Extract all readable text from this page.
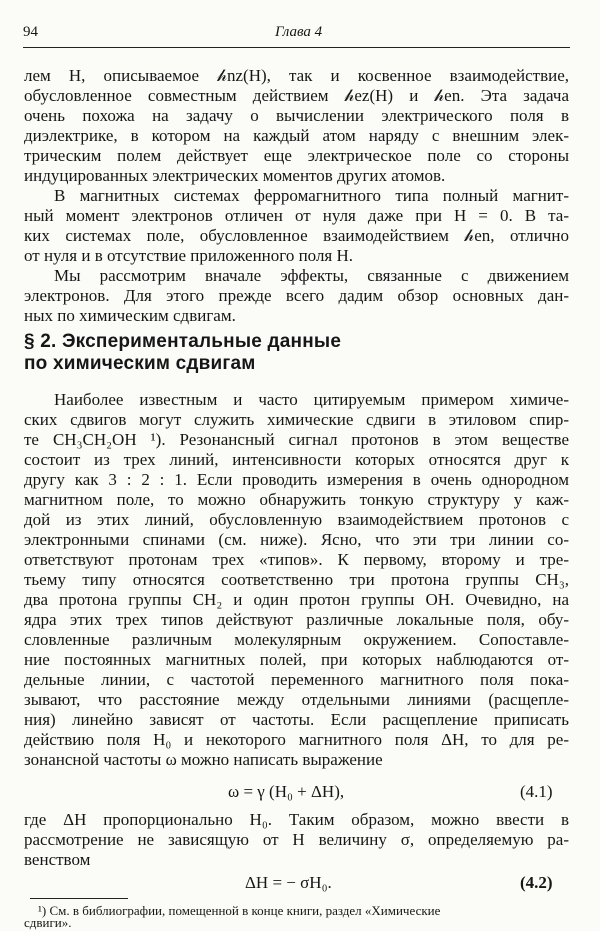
94	Глава 4
лем H, описываемое 𝒽nz(H), так и косвенное взаимодействие,
обусловленное совместным действием 𝒽ez(H) и 𝒽en. Эта задача
очень похожа на задачу о вычислении электрического поля в
диэлектрике, в котором на каждый атом наряду с внешним элек-
трическим полем действует еще электрическое поле со стороны
индуцированных электрических моментов других атомов.
В магнитных системах ферромагнитного типа полный магнит-
ный момент электронов отличен от нуля даже при H = 0. В та-
ких системах поле, обусловленное взаимодействием 𝒽en, отлично
от нуля и в отсутствие приложенного поля H.
Мы рассмотрим вначале эффекты, связанные с движением
электронов. Для этого прежде всего дадим обзор основных дан-
ных по химическим сдвигам.
§ 2. Экспериментальные данные
по химическим сдвигам
Наиболее известным и часто цитируемым примером химиче-
ских сдвигов могут служить химические сдвиги в этиловом спир-
те CH₃CH₂OH ¹). Резонансный сигнал протонов в этом веществе
состоит из трех линий, интенсивности которых относятся друг к
другу как 3 : 2 : 1. Если проводить измерения в очень однородном
магнитном поле, то можно обнаружить тонкую структуру у каж-
дой из этих линий, обусловленную взаимодействием протонов с
электронными спинами (см. ниже). Ясно, что эти три линии со-
ответствуют протонам трех «типов». К первому, второму и тре-
тьему типу относятся соответственно три протона группы CH₃,
два протона группы CH₂ и один протон группы OH. Очевидно, на
ядра этих трех типов действуют различные локальные поля, обу-
словленные различным молекулярным окружением. Сопоставле-
ние постоянных магнитных полей, при которых наблюдаются от-
дельные линии, с частотой переменного магнитного поля пока-
зывают, что расстояние между отдельными линиями (расщепле-
ния) линейно зависят от частоты. Если расщепление приписать
действию поля H₀ и некоторого магнитного поля ΔH, то для ре-
зонансной частоты ω можно написать выражение
ω = γ (H₀ + ΔH),	(4.1)
где ΔH пропорционально H₀. Таким образом, можно ввести в
рассмотрение не зависящую от H величину σ, определяемую ра-
венством
ΔH = − σH₀.	(4.2)
¹) См. в библиографии, помещенной в конце книги, раздел «Химические
сдвиги».
